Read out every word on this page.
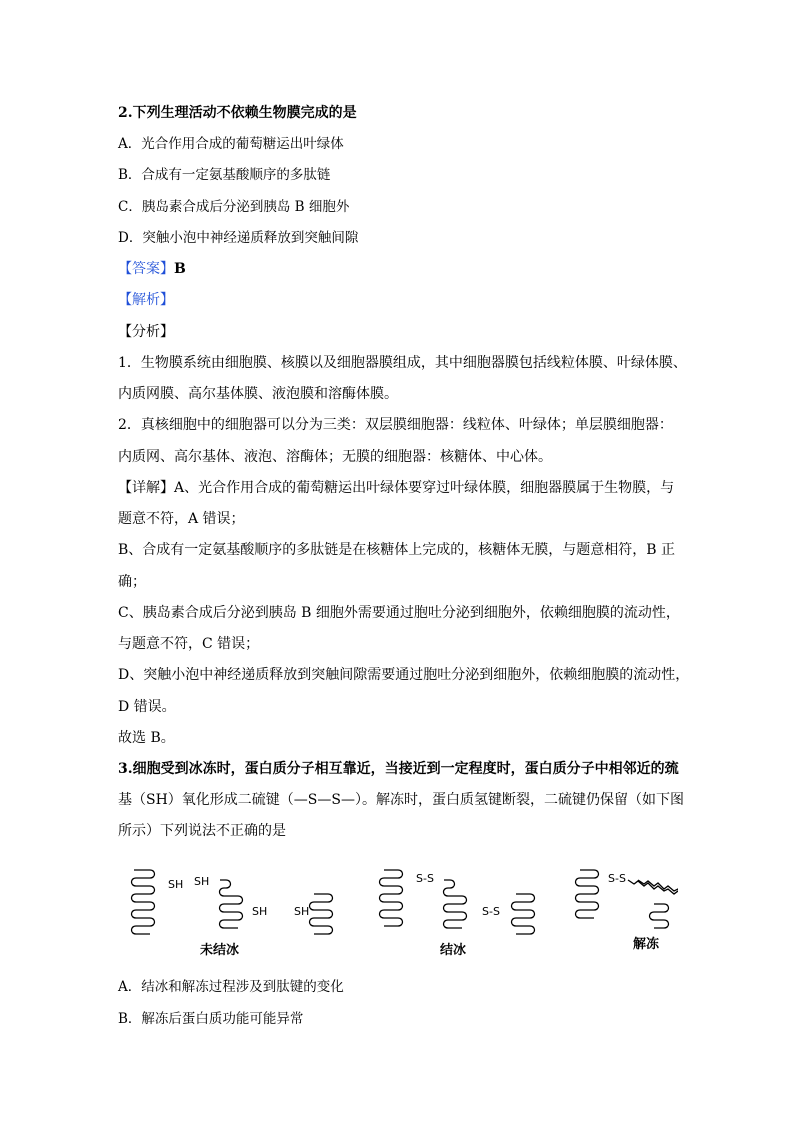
2.下列生理活动不依赖生物膜完成的是
A．光合作用合成的葡萄糖运出叶绿体
B．合成有一定氨基酸顺序的多肽链
C．胰岛素合成后分泌到胰岛 B 细胞外
D．突触小泡中神经递质释放到突触间隙
【答案】B
【解析】
【分析】
1．生物膜系统由细胞膜、核膜以及细胞器膜组成，其中细胞器膜包括线粒体膜、叶绿体膜、
内质网膜、高尔基体膜、液泡膜和溶酶体膜。
2．真核细胞中的细胞器可以分为三类：双层膜细胞器：线粒体、叶绿体；单层膜细胞器：
内质网、高尔基体、液泡、溶酶体；无膜的细胞器：核糖体、中心体。
【详解】A、光合作用合成的葡萄糖运出叶绿体要穿过叶绿体膜，细胞器膜属于生物膜，与
题意不符，A 错误；
B、合成有一定氨基酸顺序的多肽链是在核糖体上完成的，核糖体无膜，与题意相符，B 正
确；
C、胰岛素合成后分泌到胰岛 B 细胞外需要通过胞吐分泌到细胞外，依赖细胞膜的流动性，
与题意不符，C 错误；
D、突触小泡中神经递质释放到突触间隙需要通过胞吐分泌到细胞外，依赖细胞膜的流动性，
D 错误。
故选 B。
3.细胞受到冰冻时，蛋白质分子相互靠近，当接近到一定程度时，蛋白质分子中相邻近的巯
基（SH）氧化形成二硫键（—S—S—）。解冻时，蛋白质氢键断裂，二硫键仍保留（如下图
所示）下列说法不正确的是
SH SH
SH SH
S-S
S-S
S-S
未结冰	结冰	解冻
A．结冰和解冻过程涉及到肽键的变化
B．解冻后蛋白质功能可能异常
